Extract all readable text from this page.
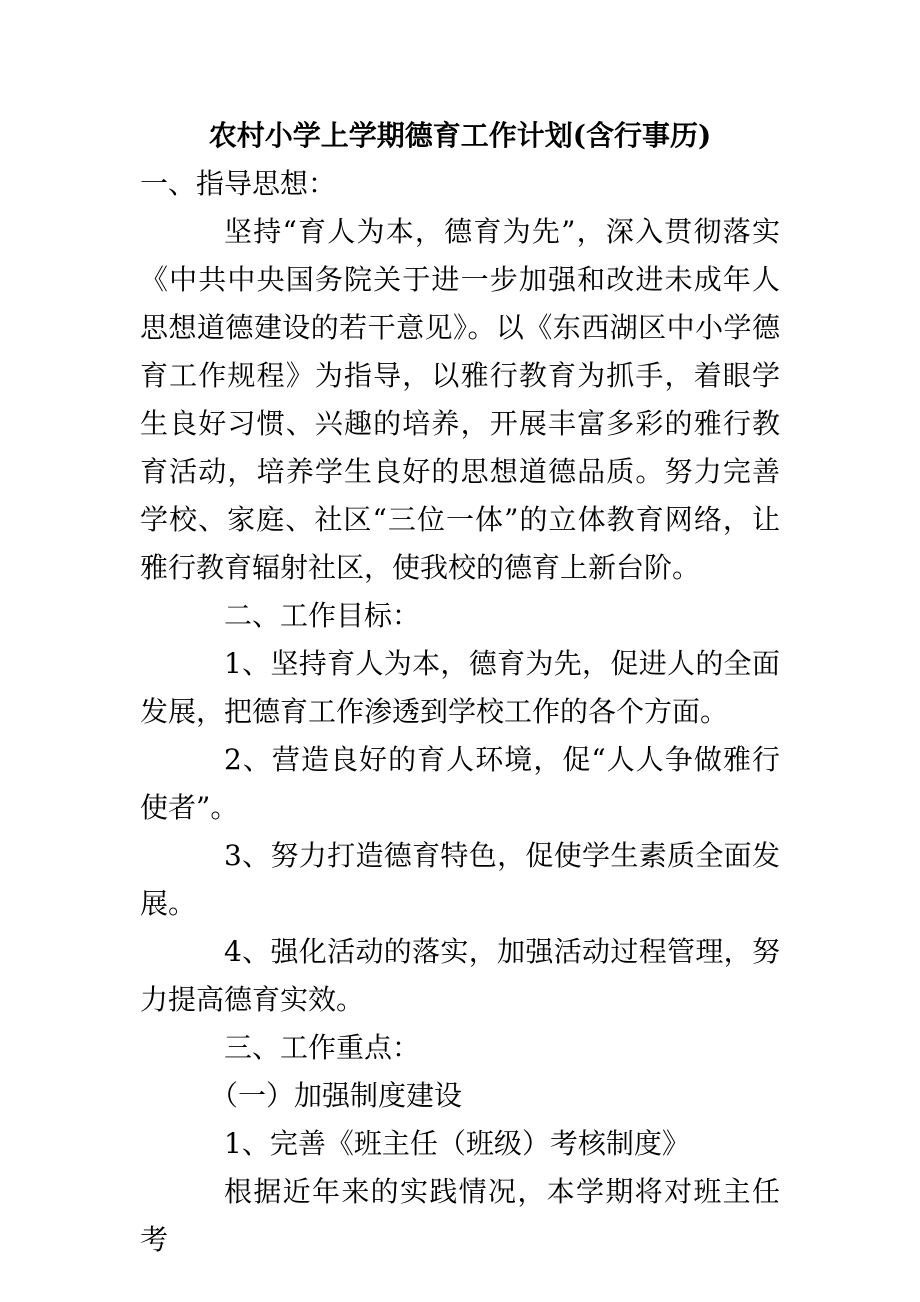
农村小学上学期德育工作计划(含行事历)

一、指导思想：

坚持“育人为本，德育为先”，深入贯彻落实《中共中央国务院关于进一步加强和改进未成年人思想道德建设的若干意见》。以《东西湖区中小学德育工作规程》为指导，以雅行教育为抓手，着眼学生良好习惯、兴趣的培养，开展丰富多彩的雅行教育活动，培养学生良好的思想道德品质。努力完善学校、家庭、社区“三位一体”的立体教育网络，让雅行教育辐射社区，使我校的德育上新台阶。

二、工作目标：

1、坚持育人为本，德育为先，促进人的全面发展，把德育工作渗透到学校工作的各个方面。

2、营造良好的育人环境，促“人人争做雅行使者”。

3、努力打造德育特色，促使学生素质全面发展。

4、强化活动的落实，加强活动过程管理，努力提高德育实效。

三、工作重点：

（一）加强制度建设

1、完善《班主任（班级）考核制度》

根据近年来的实践情况，本学期将对班主任考
